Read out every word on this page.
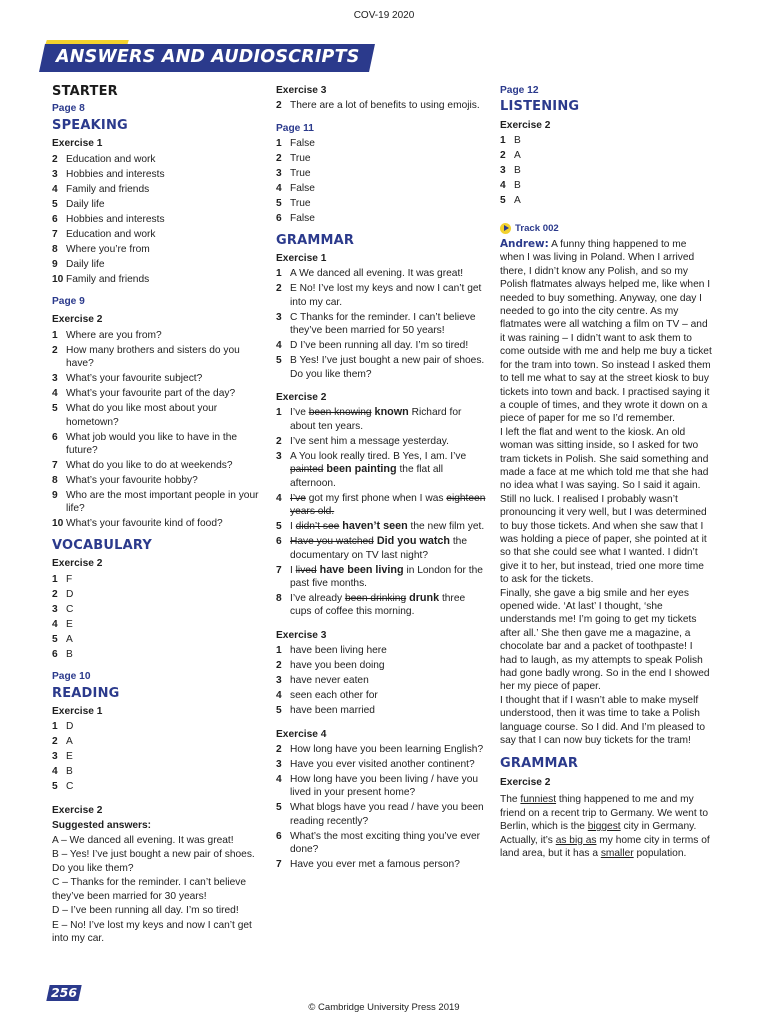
COV-19 2020
ANSWERS AND AUDIOSCRIPTS
STARTER
Page 8
SPEAKING
Exercise 1
2 Education and work
3 Hobbies and interests
4 Family and friends
5 Daily life
6 Hobbies and interests
7 Education and work
8 Where you’re from
9 Daily life
10 Family and friends
Page 9
Exercise 2
1 Where are you from?
2 How many brothers and sisters do you have?
3 What’s your favourite subject?
4 What’s your favourite part of the day?
5 What do you like most about your hometown?
6 What job would you like to have in the future?
7 What do you like to do at weekends?
8 What’s your favourite hobby?
9 Who are the most important people in your life?
10 What’s your favourite kind of food?
VOCABULARY
Exercise 2
1 F
2 D
3 C
4 E
5 A
6 B
Page 10
READING
Exercise 1
1 D
2 A
3 E
4 B
5 C
Exercise 2
Suggested answers:

A – We danced all evening. It was great!

B – Yes! I’ve just bought a new pair of shoes. Do you like them?

C – Thanks for the reminder. I can’t believe they’ve been married for 30 years!

D – I’ve been running all day. I’m so tired!

E – No! I’ve lost my keys and now I can’t get into my car.

Exercise 3
2 There are a lot of benefits to using emojis.
Page 11
1 False
2 True
3 True
4 False
5 True
6 False
GRAMMAR
Exercise 1
1 A We danced all evening. It was great!
2 E No! I’ve lost my keys and now I can’t get into my car.
3 C Thanks for the reminder. I can’t believe they’ve been married for 50 years!
4 D I’ve been running all day. I’m so tired!
5 B Yes! I’ve just bought a new pair of shoes. Do you like them?
Exercise 2
1 I’ve been knowing known Richard for about ten years.
2 I’ve sent him a message yesterday.
3 A You look really tired. B Yes, I am. I’ve painted been painting the flat all afternoon.
4 I’ve got my first phone when I was eighteen years old.
5 I didn’t see haven’t seen the new film yet.
6 Have you watched Did you watch the documentary on TV last night?
7 I lived have been living in London for the past five months.
8 I’ve already been drinking drunk three cups of coffee this morning.
Exercise 3
1 have been living here
2 have you been doing
3 have never eaten
4 seen each other for
5 have been married
Exercise 4
2 How long have you been learning English?
3 Have you ever visited another continent?
4 How long have you been living / have you lived in your present home?
5 What blogs have you read / have you been reading recently?
6 What’s the most exciting thing you’ve ever done?
7 Have you ever met a famous person?
Page 12
LISTENING
Exercise 2
1 B
2 A
3 B
4 B
5 A
Track 002

Andrew: A funny thing happened to me when I was living in Poland. When I arrived there, I didn’t know any Polish, and so my Polish flatmates always helped me, like when I needed to buy something. Anyway, one day I needed to go into the city centre. As my flatmates were all watching a film on TV – and it was raining – I didn’t want to ask them to come outside with me and help me buy a ticket for the tram into town. So instead I asked them to tell me what to say at the street kiosk to buy tickets into town and back. I practised saying it a couple of times, and they wrote it down on a piece of paper for me so I’d remember.

I left the flat and went to the kiosk. An old woman was sitting inside, so I asked for two tram tickets in Polish. She said something and made a face at me which told me that she had no idea what I was saying. So I said it again. Still no luck. I realised I probably wasn’t pronouncing it very well, but I was determined to buy those tickets. And when she saw that I was holding a piece of paper, she pointed at it so that she could see what I wanted. I didn’t give it to her, but instead, tried one more time to ask for the tickets.

Finally, she gave a big smile and her eyes opened wide. ‘At last’ I thought, ‘she understands me! I’m going to get my tickets after all.’ She then gave me a magazine, a chocolate bar and a packet of toothpaste! I had to laugh, as my attempts to speak Polish had gone badly wrong. So in the end I showed her my piece of paper.

I thought that if I wasn’t able to make myself understood, then it was time to take a Polish language course. So I did. And I’m pleased to say that I can now buy tickets for the tram!

GRAMMAR
Exercise 2

The funniest thing happened to me and my friend on a recent trip to Germany. We went to Berlin, which is the biggest city in Germany. Actually, it’s as big as my home city in terms of land area, but it has a smaller population.

256
© Cambridge University Press 2019
